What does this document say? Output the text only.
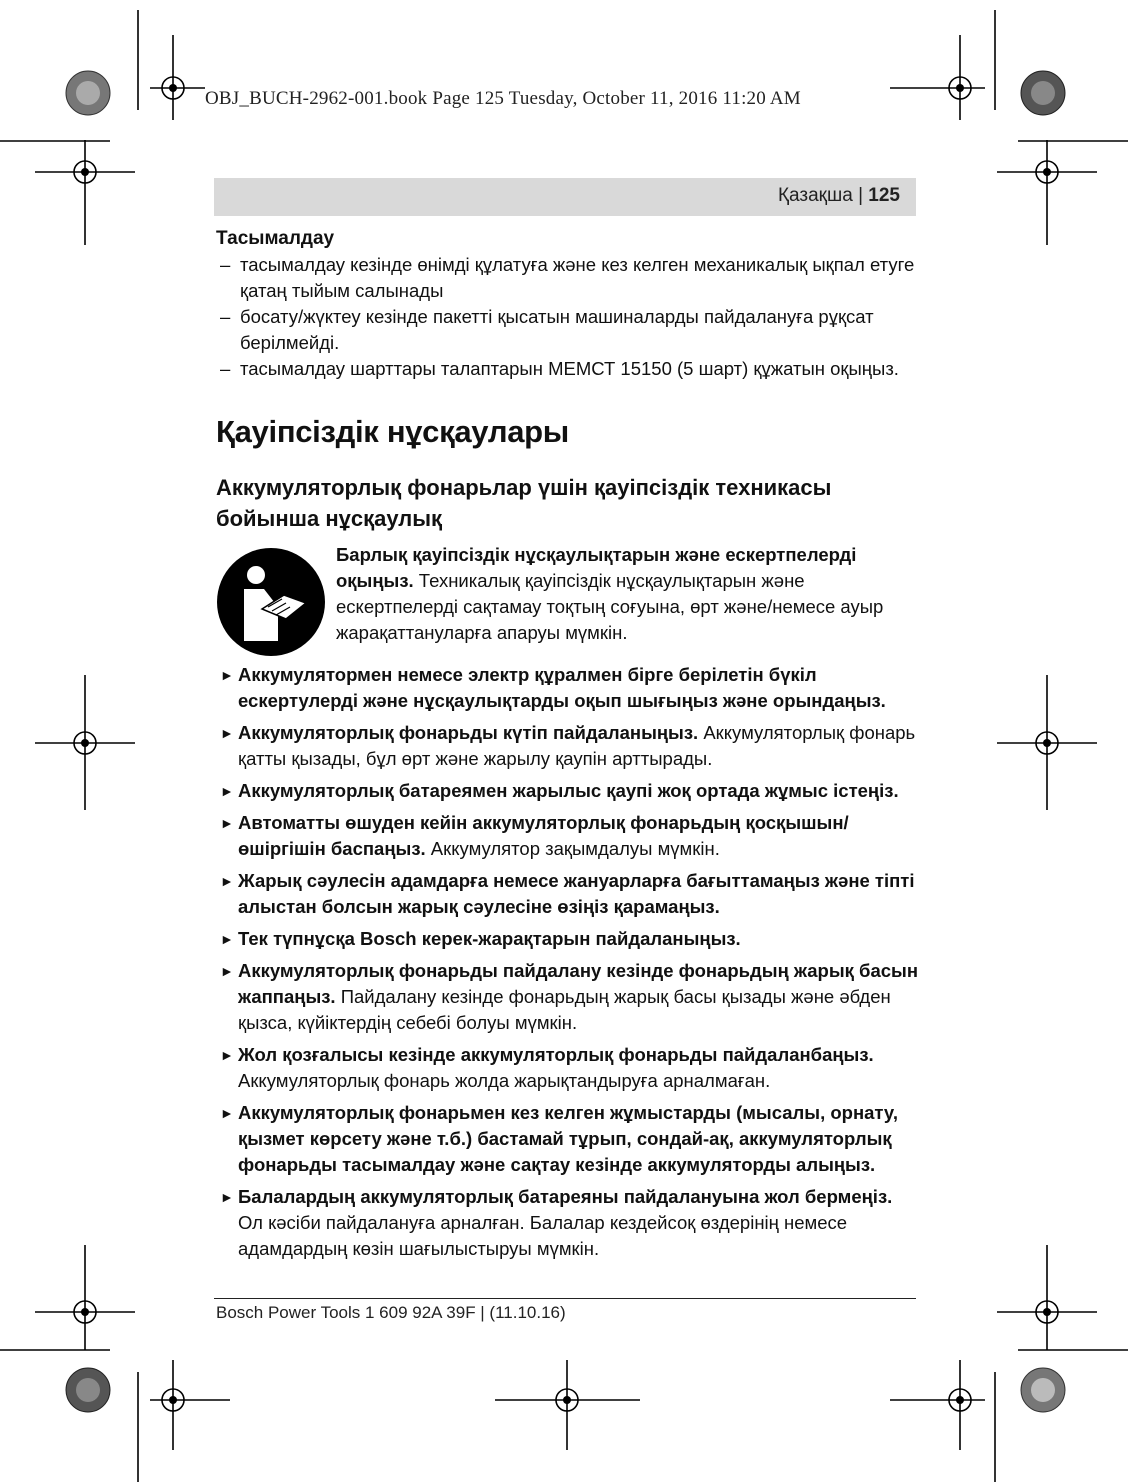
OBJ_BUCH-2962-001.book Page 125 Tuesday, October 11, 2016 11:20 AM
Қазақша | 125
Тасымалдау
– тасымалдау кезінде өнімді құлатуға және кез келген механикалық ықпал етуге қатаң тыйым салынады
– босату/жүктеу кезінде пакетті қысатын машиналарды пайдалануға рұқсат берілмейді.
– тасымалдау шарттары талаптарын МЕМСТ 15150 (5 шарт) құжатын оқыңыз.
Қауіпсіздік нұсқаулары
Аккумуляторлық фонарьлар үшін қауіпсіздік техникасы бойынша нұсқаулық
Барлық қауіпсіздік нұсқаулықтарын және ескертпелерді оқыңыз. Техникалық қауіпсіздік нұсқаулықтарын және ескертпелерді сақтамау тоқтың соғуына, өрт және/немесе ауыр жарақаттануларға апаруы мүмкін.
► Аккумулятормен немесе электр құралмен бірге берілетін бүкіл ескертулерді және нұсқаулықтарды оқып шығыңыз және орындаңыз.
► Аккумуляторлық фонарьды күтіп пайдаланыңыз. Аккумуляторлық фонарь қатты қызады, бұл өрт және жарылу қаупін арттырады.
► Аккумуляторлық батареямен жарылыс қаупі жоқ ортада жұмыс істеңіз.
► Автоматты өшуден кейін аккумуляторлық фонарьдың қосқышын/өшіргішін баспаңыз. Аккумулятор зақымдалуы мүмкін.
► Жарық сәулесін адамдарға немесе жануарларға бағыттамаңыз және тіпті алыстан болсын жарық сәулесіне өзіңіз қарамаңыз.
► Тек түпнұсқа Bosch керек-жарақтарын пайдаланыңыз.
► Аккумуляторлық фонарьды пайдалану кезінде фонарьдың жарық басын жаппаңыз. Пайдалану кезінде фонарьдың жарық басы қызады және әбден қызса, күйіктердің себебі болуы мүмкін.
► Жол қозғалысы кезінде аккумуляторлық фонарьды пайдаланбаңыз. Аккумуляторлық фонарь жолда жарықтандыруға арналмаған.
► Аккумуляторлық фонарьмен кез келген жұмыстарды (мысалы, орнату, қызмет көрсету және т.б.) бастамай тұрып, сондай-ақ, аккумуляторлық фонарьды тасымалдау және сақтау кезінде аккумуляторды алыңыз.
► Балалардың аккумуляторлық батареяны пайдалануына жол бермеңіз. Ол кәсіби пайдалануға арналған. Балалар кездейсоқ өздерінің немесе адамдардың көзін шағылыстыруы мүмкін.
Bosch Power Tools 1 609 92A 39F | (11.10.16)
